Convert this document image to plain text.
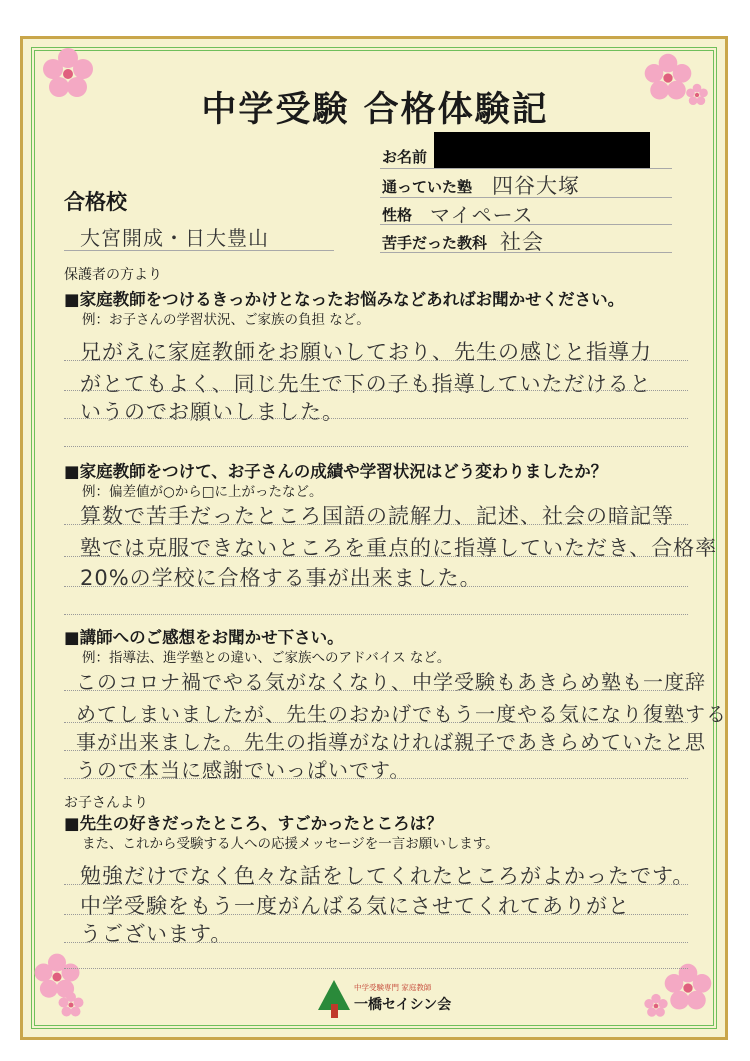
中学受験 合格体験記
お名前
通っていた塾 四谷大塚
性格 マイペース
苦手だった教科 社会
合格校
大宮開成・日大豊山
保護者の方より
■家庭教師をつけるきっかけとなったお悩みなどあればお聞かせください。
例：お子さんの学習状況、ご家族の負担 など。
兄がえに家庭教師をお願いしており、先生の感じと指導力
がとてもよく、同じ先生で下の子も指導していただけると
いうのでお願いしました。
■家庭教師をつけて、お子さんの成績や学習状況はどう変わりましたか？
例：偏差値が○から□に上がったなど。
算数で苦手だったところ国語の読解力、記述、社会の暗記等
塾では克服できないところを重点的に指導していただき、合格率
20%の学校に合格する事が出来ました。
■講師へのご感想をお聞かせ下さい。
例：指導法、進学塾との違い、ご家族へのアドバイス など。
このコロナ禍でやる気がなくなり、中学受験もあきらめ塾も一度辞
めてしまいましたが、先生のおかげでもう一度やる気になり復塾する
事が出来ました。先生の指導がなければ親子であきらめていたと思
うので本当に感謝でいっぱいです。
お子さんより
■先生の好きだったところ、すごかったところは？
また、これから受験する人への応援メッセージを一言お願いします。
勉強だけでなく色々な話をしてくれたところがよかったです。
中学受験をもう一度がんばる気にさせてくれてありがと
うございます。
中学受験専門 家庭教師
一橋セイシン会
